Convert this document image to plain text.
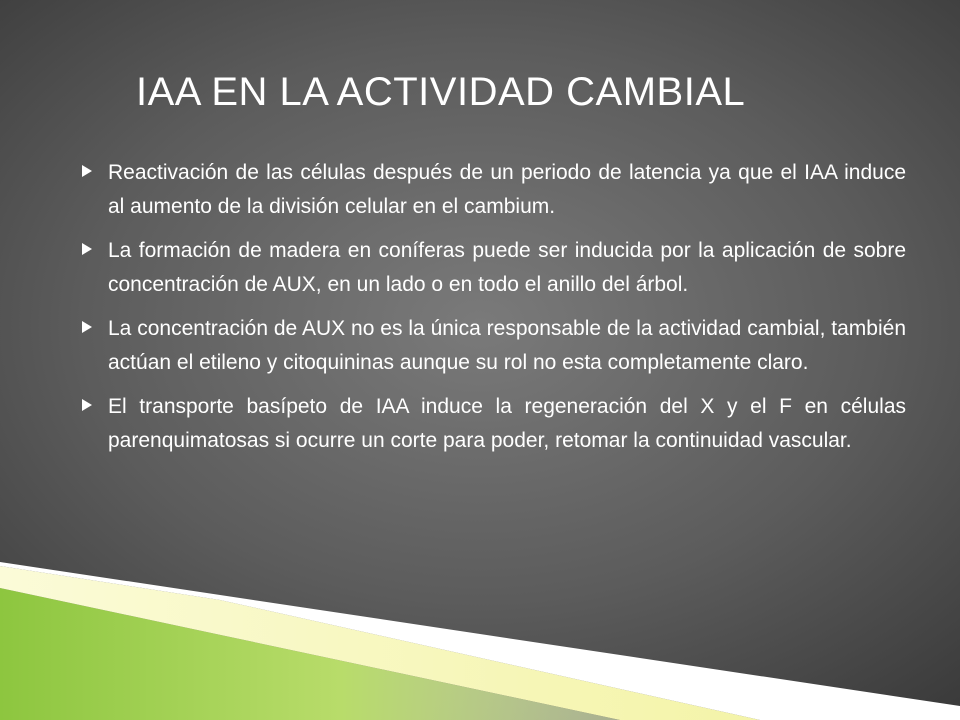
IAA EN LA ACTIVIDAD CAMBIAL
Reactivación de las células después de un periodo de latencia ya que el IAA induce al aumento de la división celular en el cambium.
La formación de madera en coníferas puede ser inducida por la aplicación de sobre concentración de AUX, en un lado o en todo el anillo del árbol.
La concentración de AUX no es la única responsable de la actividad cambial, también actúan el etileno y citoquininas aunque su rol no esta completamente claro.
El transporte basípeto de IAA induce la regeneración del X y el F en células parenquimatosas si ocurre un corte para poder, retomar la continuidad vascular.
